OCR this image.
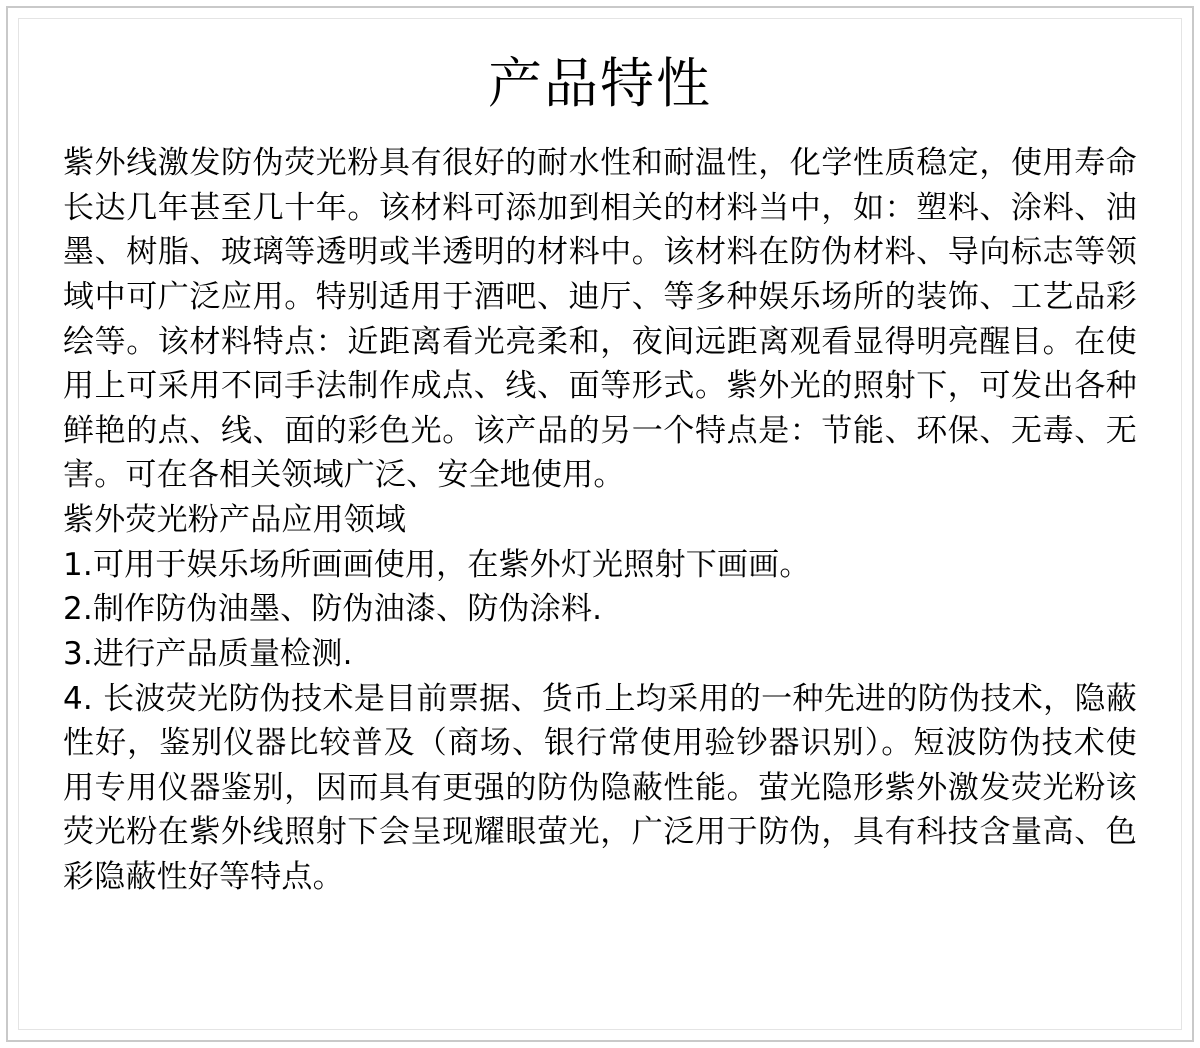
产品特性

紫外线激发防伪荧光粉具有很好的耐水性和耐温性，化学性质稳定，使用寿命长达几年甚至几十年。该材料可添加到相关的材料当中，如：塑料、涂料、油墨、树脂、玻璃等透明或半透明的材料中。该材料在防伪材料、导向标志等领域中可广泛应用。特别适用于酒吧、迪厅、等多种娱乐场所的装饰、工艺品彩绘等。该材料特点：近距离看光亮柔和，夜间远距离观看显得明亮醒目。在使用上可采用不同手法制作成点、线、面等形式。紫外光的照射下，可发出各种鲜艳的点、线、面的彩色光。该产品的另一个特点是：节能、环保、无毒、无害。可在各相关领域广泛、安全地使用。

紫外荧光粉产品应用领域

1.可用于娱乐场所画画使用，在紫外灯光照射下画画。

2.制作防伪油墨、防伪油漆、防伪涂料.

3.进行产品质量检测.

4. 长波荧光防伪技术是目前票据、货币上均采用的一种先进的防伪技术，隐蔽性好，鉴别仪器比较普及（商场、银行常使用验钞器识别）。短波防伪技术使用专用仪器鉴别，因而具有更强的防伪隐蔽性能。萤光隐形紫外激发荧光粉该荧光粉在紫外线照射下会呈现耀眼萤光，广泛用于防伪，具有科技含量高、色彩隐蔽性好等特点。
